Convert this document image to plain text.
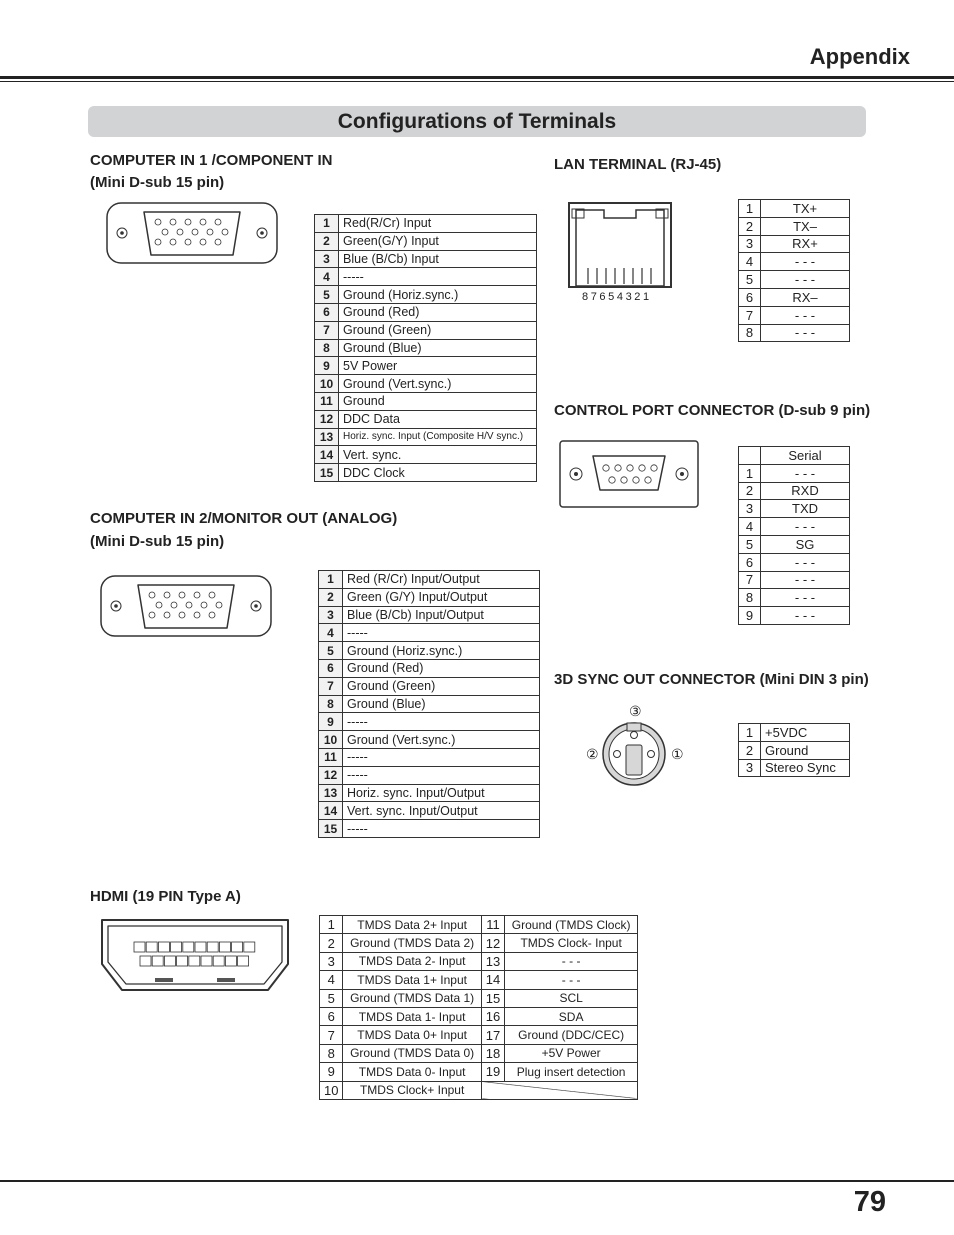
Appendix
Configurations of Terminals
COMPUTER IN 1 /COMPONENT IN
(Mini D-sub 15 pin)
1	Red(R/Cr) Input
2	Green(G/Y) Input
3	Blue (B/Cb) Input
4	-----
5	Ground (Horiz.sync.)
6	Ground (Red)
7	Ground (Green)
8	Ground (Blue)
9	5V Power
10	Ground (Vert.sync.)
11	Ground
12	DDC Data
13	Horiz. sync. Input (Composite H/V sync.)
14	Vert. sync.
15	DDC Clock
COMPUTER IN 2/MONITOR OUT (ANALOG)
(Mini D-sub 15 pin)
1	Red (R/Cr) Input/Output
2	Green (G/Y) Input/Output
3	Blue (B/Cb) Input/Output
4	-----
5	Ground (Horiz.sync.)
6	Ground (Red)
7	Ground (Green)
8	Ground (Blue)
9	-----
10	Ground (Vert.sync.)
11	-----
12	-----
13	Horiz. sync. Input/Output
14	Vert. sync. Input/Output
15	-----
LAN TERMINAL (RJ-45)
87654321
1	TX+
2	TX–
3	RX+
4	- - -
5	- - -
6	RX–
7	- - -
8	- - -
CONTROL PORT CONNECTOR (D-sub 9 pin)
	Serial
1	- - -
2	RXD
3	TXD
4	- - -
5	SG
6	- - -
7	- - -
8	- - -
9	- - -
3D SYNC OUT CONNECTOR (Mini DIN 3 pin)
③
②	①
1	+5VDC
2	Ground
3	Stereo Sync
HDMI (19 PIN Type A)
1	TMDS Data 2+ Input	11	Ground (TMDS Clock)
2	Ground (TMDS Data 2)	12	TMDS Clock- Input
3	TMDS Data 2- Input	13	- - -
4	TMDS Data 1+ Input	14	- - -
5	Ground (TMDS Data 1)	15	SCL
6	TMDS Data 1- Input	16	SDA
7	TMDS Data 0+ Input	17	Ground (DDC/CEC)
8	Ground (TMDS Data 0)	18	+5V Power
9	TMDS Data 0- Input	19	Plug insert detection
10	TMDS Clock+ Input		
79
